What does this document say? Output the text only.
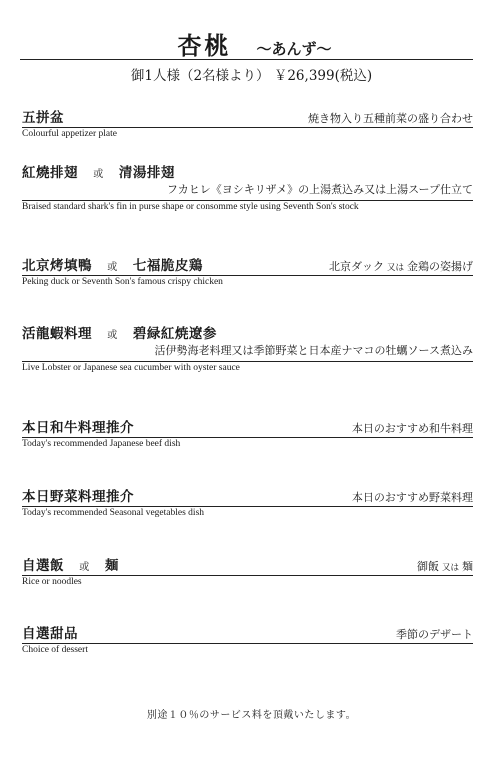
杏桃 ～あんず～
御1人様（2名様より） ￥26,399(税込)
五拼盆	焼き物入り五種前菜の盛り合わせ
Colourful appetizer plate
紅燒排翅 或 清湯排翅
フカヒレ《ヨシキリザメ》の上湯煮込み又は上湯スープ仕立て
Braised standard shark's fin in purse shape or consomme style using Seventh Son's stock
北京烤填鴨 或 七福脆皮鶏	北京ダック 又は 金鶏の姿揚げ
Peking duck or Seventh Son's famous crispy chicken
活龍蝦料理 或 碧緑紅焼遼参
活伊勢海老料理又は季節野菜と日本産ナマコの牡蠣ソース煮込み
Live Lobster or Japanese sea cucumber with oyster sauce
本日和牛料理推介	本日のおすすめ和牛料理
Today's recommended Japanese beef dish
本日野菜料理推介	本日のおすすめ野菜料理
Today's recommended Seasonal vegetables dish
自選飯 或 麺	御飯 又は 麺
Rice or noodles
自選甜品	季節のデザート
Choice of dessert
別途１０％のサービス料を頂戴いたします。
